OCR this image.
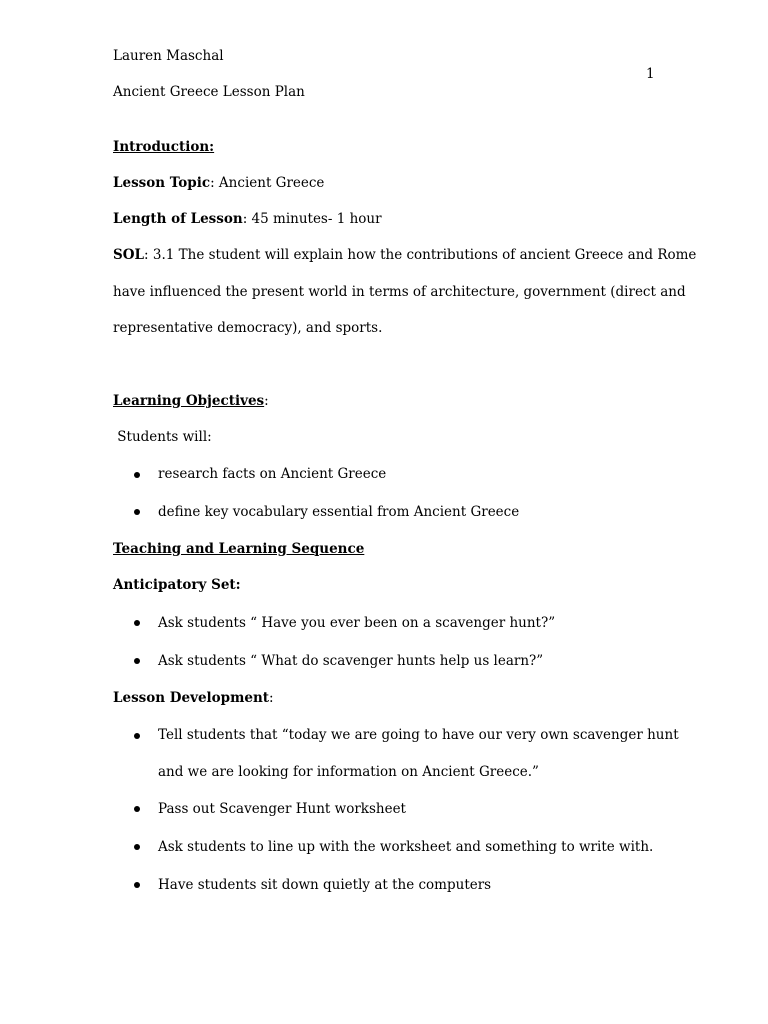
Lauren Maschal
1
Ancient Greece Lesson Plan
Introduction:
Lesson Topic: Ancient Greece
Length of Lesson: 45 minutes- 1 hour
SOL: 3.1 The student will explain how the contributions of ancient Greece and Rome
have influenced the present world in terms of architecture, government (direct and
representative democracy), and sports.
Learning Objectives:
Students will:
research facts on Ancient Greece
define key vocabulary essential from Ancient Greece
Teaching and Learning Sequence
Anticipatory Set:
Ask students “ Have you ever been on a scavenger hunt?”
Ask students “ What do scavenger hunts help us learn?”
Lesson Development:
Tell students that “today we are going to have our very own scavenger hunt
and we are looking for information on Ancient Greece.”
Pass out Scavenger Hunt worksheet
Ask students to line up with the worksheet and something to write with.
Have students sit down quietly at the computers
